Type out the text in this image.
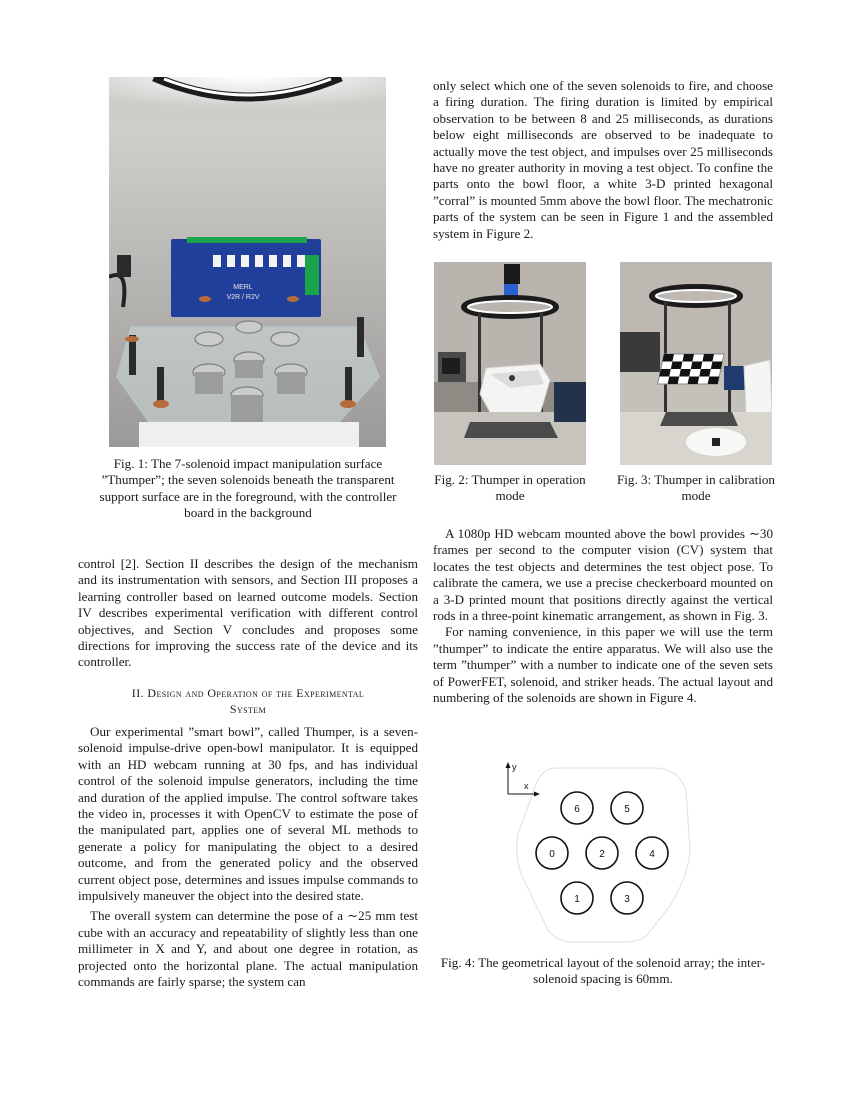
MERL
V2R / R2V

Fig. 1: The 7-solenoid impact manipulation surface ”Thumper”; the seven solenoids beneath the transparent support surface are in the foreground, with the controller board in the background

control [2]. Section II describes the design of the mechanism and its instrumentation with sensors, and Section III proposes a learning controller based on learned outcome models. Section IV describes experimental verification with different control objectives, and Section V concludes and proposes some directions for improving the success rate of the device and its controller.

II. Design and Operation of the Experimental
System

Our experimental ”smart bowl”, called Thumper, is a seven-solenoid impulse-drive open-bowl manipulator. It is equipped with an HD webcam running at 30 fps, and has individual control of the solenoid impulse generators, including the time and duration of the applied impulse. The control software takes the video in, processes it with OpenCV to estimate the pose of the manipulated part, applies one of several ML methods to generate a policy for manipulating the object to a desired outcome, and from the generated policy and the observed current object pose, determines and issues impulse commands to impulsively maneuver the object into the desired state.

The overall system can determine the pose of a ∼25 mm test cube with an accuracy and repeatability of slightly less than one millimeter in X and Y, and about one degree in rotation, as projected onto the horizontal plane. The actual manipulation commands are fairly sparse; the system can

only select which one of the seven solenoids to fire, and choose a firing duration. The firing duration is limited by empirical observation to be between 8 and 25 milliseconds, as durations below eight milliseconds are observed to be inadequate to actually move the test object, and impulses over 25 milliseconds have no greater authority in moving a test object. To confine the parts onto the bowl floor, a white 3-D printed hexagonal ”corral” is mounted 5mm above the bowl floor. The mechatronic parts of the system can be seen in Figure 1 and the assembled system in Figure 2.

Fig. 2: Thumper in operation mode

Fig. 3: Thumper in calibration mode

A 1080p HD webcam mounted above the bowl provides ∼30 frames per second to the computer vision (CV) system that locates the test objects and determines the test object pose. To calibrate the camera, we use a precise checkerboard mounted on a 3-D printed mount that positions directly against the vertical rods in a three-point kinematic arrangement, as shown in Fig. 3.

For naming convenience, in this paper we will use the term ”thumper” to indicate the entire apparatus. We will also use the term ”thumper” with a number to indicate one of the seven sets of PowerFET, solenoid, and striker heads. The actual layout and numbering of the solenoids are shown in Figure 4.

y
x
6	5
0	2	4
1	3

Fig. 4: The geometrical layout of the solenoid array; the inter-solenoid spacing is 60mm.
